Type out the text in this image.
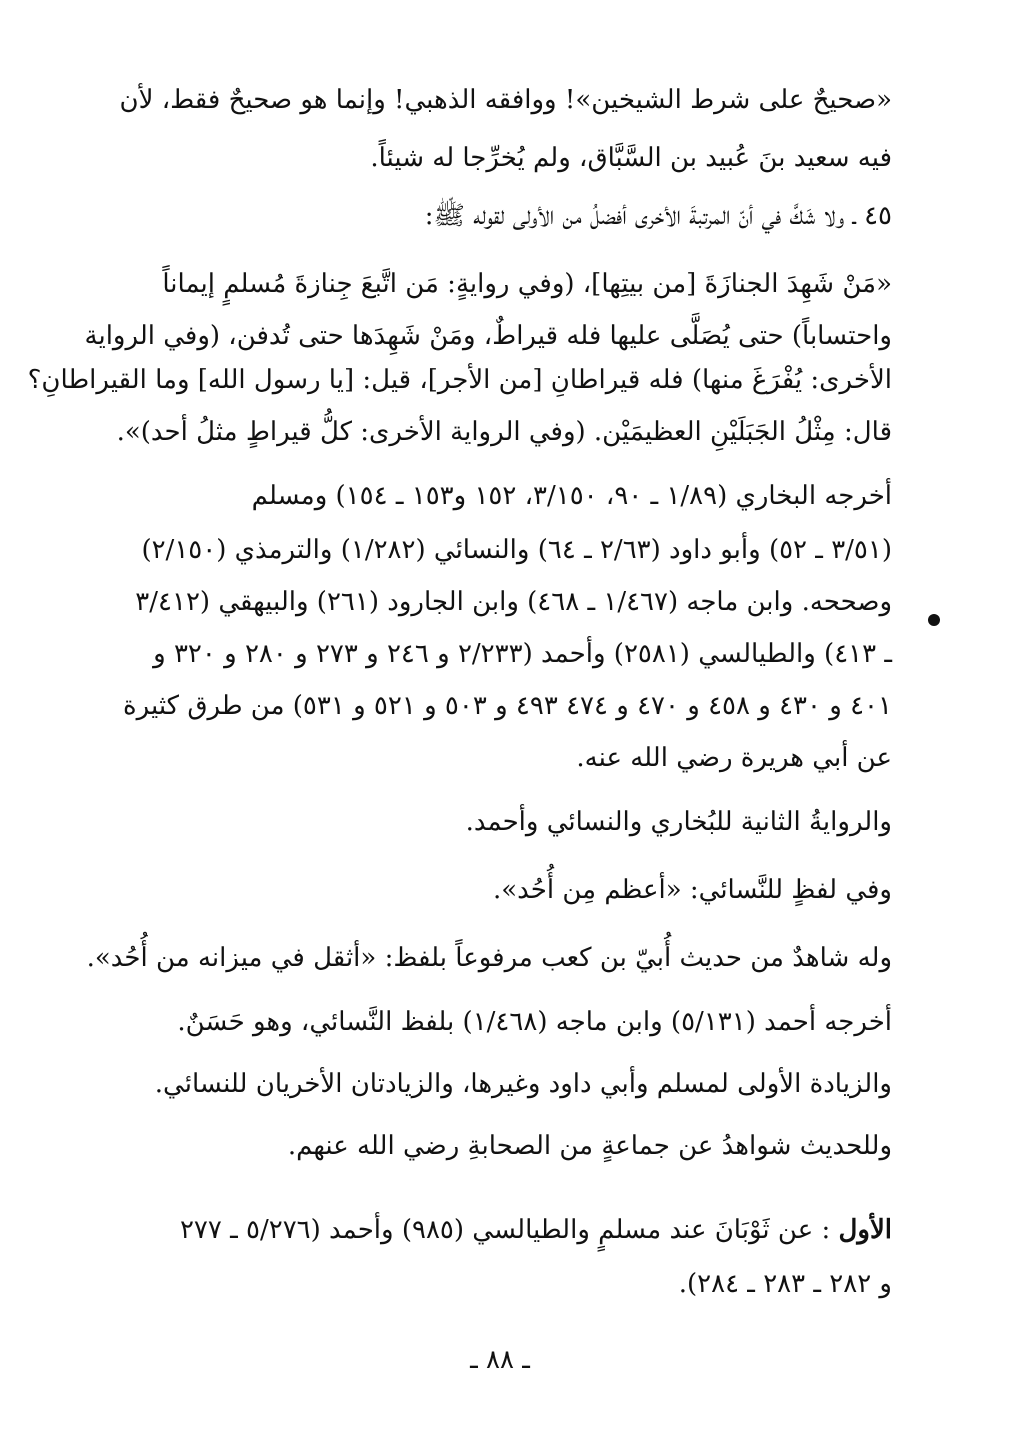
«صحيحٌ على شرط الشيخين»! ووافقه الذهبي! وإنما هو صحيحٌ فقط، لأن
فيه سعيد بنَ عُبيد بن السَّبَّاق، ولم يُخرِّجا له شيئاً.
٤٥ ـ ولا شَكَّ في أنّ المرتبةَ الأخرى أفضلُ من الأولى لقوله ﷺ:
«مَنْ شَهِدَ الجنازَةَ [من بيتِها]، (وفي روايةٍ: مَن اتَّبعَ جِنازةَ مُسلمٍ إيماناً
واحتساباً) حتى يُصَلَّى عليها فله قيراطٌ، ومَنْ شَهِدَها حتى تُدفن، (وفي الرواية
الأخرى: يُفْرَغَ منها) فله قيراطانِ [من الأجر]، قيل: [يا رسول الله] وما القيراطانِ؟
قال: مِثْلُ الجَبَلَيْنِ العظيمَيْن. (وفي الرواية الأخرى: كلُّ قيراطٍ مثلُ أحد)».
أخرجه البخاري (١/٨٩ ـ ٩٠، ٣/١٥٠، ١٥٢ و١٥٣ ـ ١٥٤) ومسلم
(٣/٥١ ـ ٥٢) وأبو داود (٢/٦٣ ـ ٦٤) والنسائي (١/٢٨٢) والترمذي (٢/١٥٠)
وصححه. وابن ماجه (١/٤٦٧ ـ ٤٦٨) وابن الجارود (٢٦١) والبيهقي (٣/٤١٢
ـ ٤١٣) والطيالسي (٢٥٨١) وأحمد (٢/٢٣٣ و ٢٤٦ و ٢٧٣ و ٢٨٠ و ٣٢٠ و
٤٠١ و ٤٣٠ و ٤٥٨ و ٤٧٠ و ٤٧٤ ٤٩٣ و ٥٠٣ و ٥٢١ و ٥٣١) من طرق كثيرة
عن أبي هريرة رضي الله عنه.
والروايةُ الثانية للبُخاري والنسائي وأحمد.
وفي لفظٍ للنَّسائي: «أعظم مِن أُحُد».
وله شاهدٌ من حديث أُبيّ بن كعب مرفوعاً بلفظ: «أثقل في ميزانه من أُحُد».
أخرجه أحمد (٥/١٣١) وابن ماجه (١/٤٦٨) بلفظ النَّسائي، وهو حَسَنٌ.
والزيادة الأولى لمسلم وأبي داود وغيرها، والزيادتان الأخريان للنسائي.
وللحديث شواهدُ عن جماعةٍ من الصحابةِ رضي الله عنهم.
الأول : عن ثَوْبَانَ عند مسلمٍ والطيالسي (٩٨٥) وأحمد (٥/٢٧٦ ـ ٢٧٧
و ٢٨٢ ـ ٢٨٣ ـ ٢٨٤).
ـ ٨٨ ـ
